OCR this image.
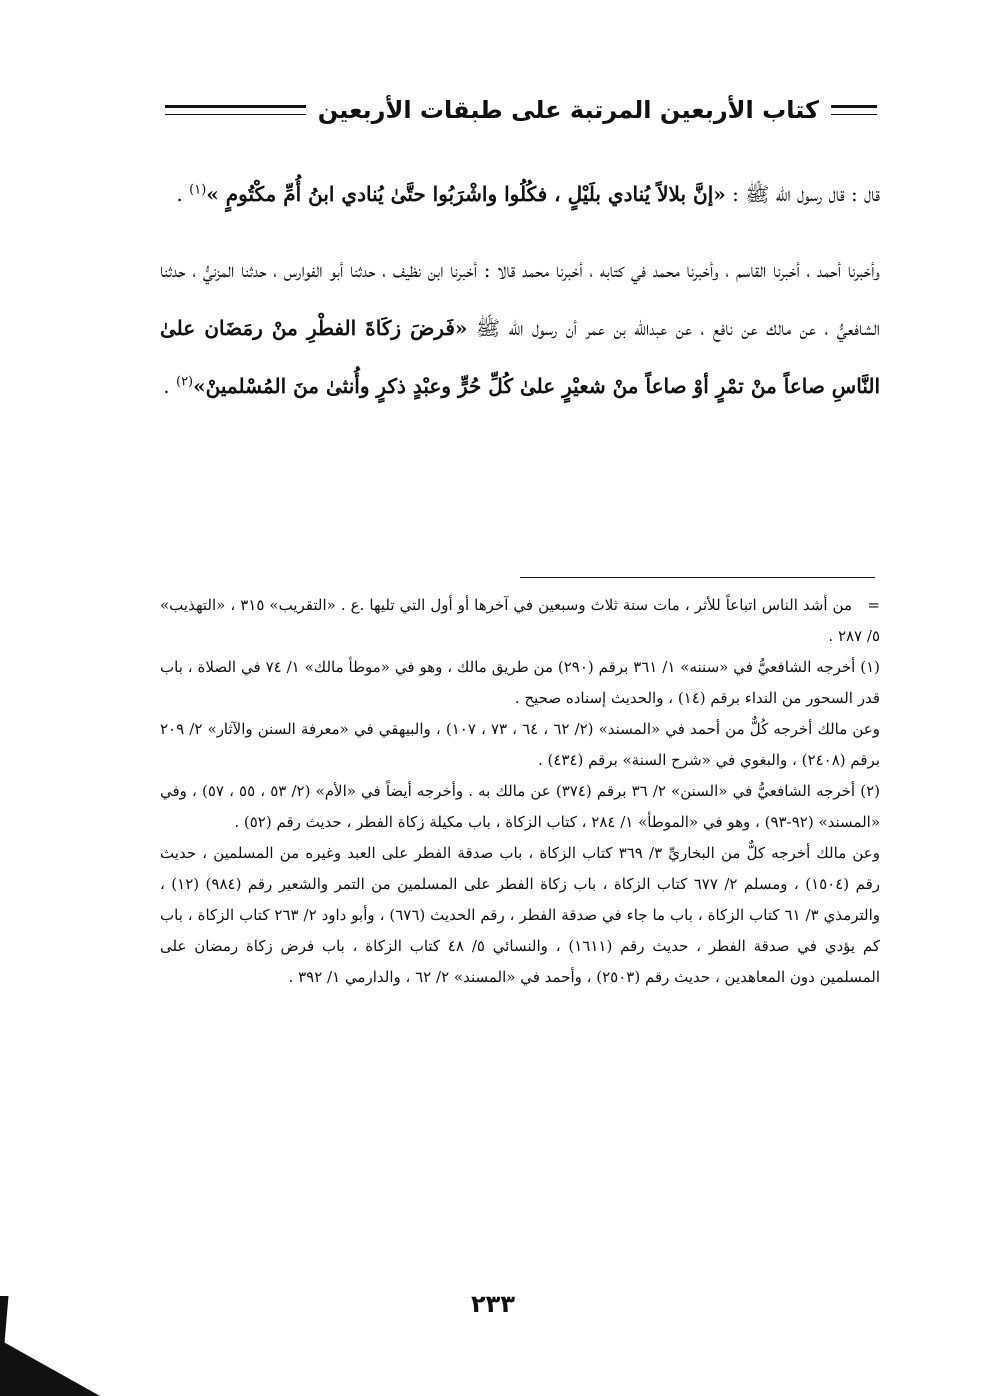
كتاب الأربعين المرتبة على طبقات الأربعين

قال : قال رسول الله ﷺ : «إنَّ بلالاً يُنادي بلَيْلٍ ، فكُلُوا واشْرَبُوا حتَّىٰ يُنادي ابنُ أُمِّ مكْتُومٍ »$^{(١)}$ .

وأخبرنا أحمد ، أخبرنا القاسم ، وأخبرنا محمد في كتابه ، أخبرنا محمد قالا : أخبرنا ابن نظيف ، حدثنا أبو الفوارس ، حدثنا المزنيُّ ، حدثنا الشافعيُّ ، عن مالك عن نافع ، عن عبدالله بن عمر أن رسول الله ﷺ «فَرضَ زكَاةَ الفطْرِ منْ رمَضَان علىٰ النَّاسِ صاعاً منْ تمْرٍ أوْ صاعاً منْ شعيْرٍ علىٰ كُلِّ حُرٍّ وعبْدٍ ذكرٍ وأُنثىٰ منَ المُسْلمينْ»$^{(٢)}$ .

=من أشد الناس اتباعاً للأثر ، مات سنة ثلاث وسبعين في آخرها أو أول التي تليها .ع . «التقريب» ٣١٥ ، «التهذيب» ٥/ ٢٨٧ .

(١) أخرجه الشافعيُّ في «سننه» ١/ ٣٦١ برقم (٢٩٠) من طريق مالك ، وهو في «موطأ مالك» ١/ ٧٤ في الصلاة ، باب قدر السحور من النداء برقم (١٤) ، والحديث إسناده صحيح .

وعن مالك أخرجه كُلٌّ من أحمد في «المسند» (٢/ ٦٢ ، ٦٤ ، ٧٣ ، ١٠٧) ، والبيهقي في «معرفة السنن والآثار» ٢/ ٢٠٩ برقم (٢٤٠٨) ، والبغوي في «شرح السنة» برقم (٤٣٤) .

(٢) أخرجه الشافعيُّ في «السنن» ٢/ ٣٦ برقم (٣٧٤) عن مالك به . وأخرجه أيضاً في «الأم» (٢/ ٥٣ ، ٥٥ ، ٥٧) ، وفي «المسند» (٩٢-٩٣) ، وهو في «الموطأ» ١/ ٢٨٤ ، كتاب الزكاة ، باب مكيلة زكاة الفطر ، حديث رقم (٥٢) .

وعن مالك أخرجه كلٌّ من البخاريِّ ٣/ ٣٦٩ كتاب الزكاة ، باب صدقة الفطر على العبد وغيره من المسلمين ، حديث رقم (١٥٠٤) ، ومسلم ٢/ ٦٧٧ كتاب الزكاة ، باب زكاة الفطر على المسلمين من التمر والشعير رقم (٩٨٤) (١٢) ، والترمذي ٣/ ٦١ كتاب الزكاة ، باب ما جاء في صدقة الفطر ، رقم الحديث (٦٧٦) ، وأبو داود ٢/ ٢٦٣ كتاب الزكاة ، باب كم يؤدي في صدقة الفطر ، حديث رقم (١٦١١) ، والنسائي ٥/ ٤٨ كتاب الزكاة ، باب فرض زكاة رمضان على المسلمين دون المعاهدين ، حديث رقم (٢٥٠٣) ، وأحمد في «المسند» ٢/ ٦٢ ، والدارمي ١/ ٣٩٢ .

٢٣٣
